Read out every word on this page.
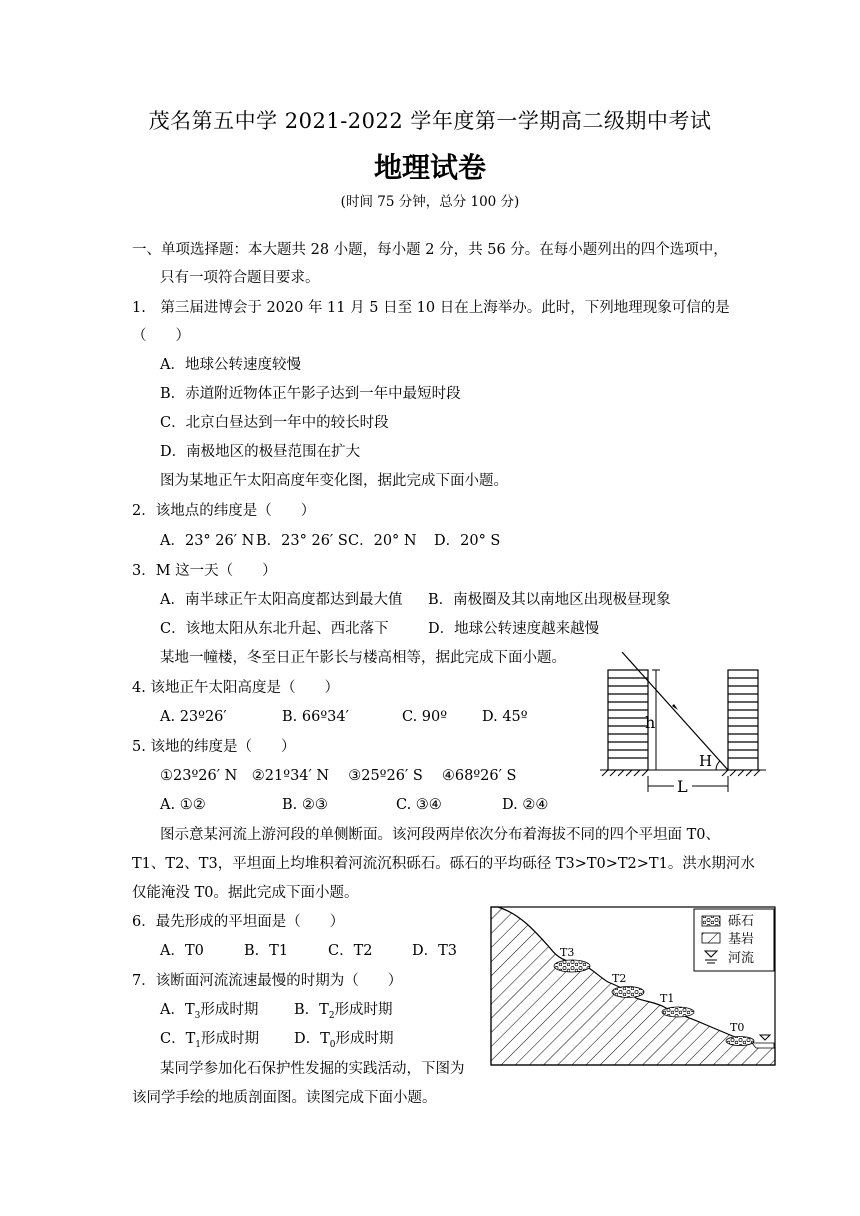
茂名第五中学 2021-2022 学年度第一学期高二级期中考试
地理试卷
(时间 75 分钟，总分 100 分)
一、单项选择题：本大题共 28 小题，每小题 2 分，共 56 分。在每小题列出的四个选项中，
只有一项符合题目要求。
1.　第三届进博会于 2020 年 11 月 5 日至 10 日在上海举办。此时，下列地理现象可信的是
（　　）
A．地球公转速度较慢
B．赤道附近物体正午影子达到一年中最短时段
C．北京白昼达到一年中的较长时段
D．南极地区的极昼范围在扩大
图为某地正午太阳高度年变化图，据此完成下面小题。
2．该地点的纬度是（　　）
A．23° 26′ N B．23° 26′ SC．20° N D．20° S
3．M 这一天（　　）
A．南半球正午太阳高度都达到最大值 B．南极圈及其以南地区出现极昼现象
C．该地太阳从东北升起、西北落下	D．地球公转速度越来越慢
某地一幢楼，冬至日正午影长与楼高相等，据此完成下面小题。
4. 该地正午太阳高度是（　　）
A. 23º26′	B. 66º34′	C. 90º D. 45º
5. 该地的纬度是（　　）
①23º26′ N　②21º34′ N　 ③25º26′ S　 ④68º26′ S
A. ①②	B. ②③	C. ③④	D. ②④
h
H
L
图示意某河流上游河段的单侧断面。该河段两岸依次分布着海拔不同的四个平坦面 T0、
T1、T2、T3，平坦面上均堆积着河流沉积砾石。砾石的平均砾径 T3>T0>T2>T1。洪水期河水
仅能淹没 T0。据此完成下面小题。
6．最先形成的平坦面是（　　）
A．T0	B．T1	C．T2	D．T3
7．该断面河流流速最慢的时期为（　　）
A．$T_3$形成时期 B．$T_2$形成时期
C．$T_1$形成时期 D．$T_0$形成时期
某同学参加化石保护性发掘的实践活动，下图为
该同学手绘的地质剖面图。读图完成下面小题。
T3
T2
T1
T0
砾石
基岩
河流
